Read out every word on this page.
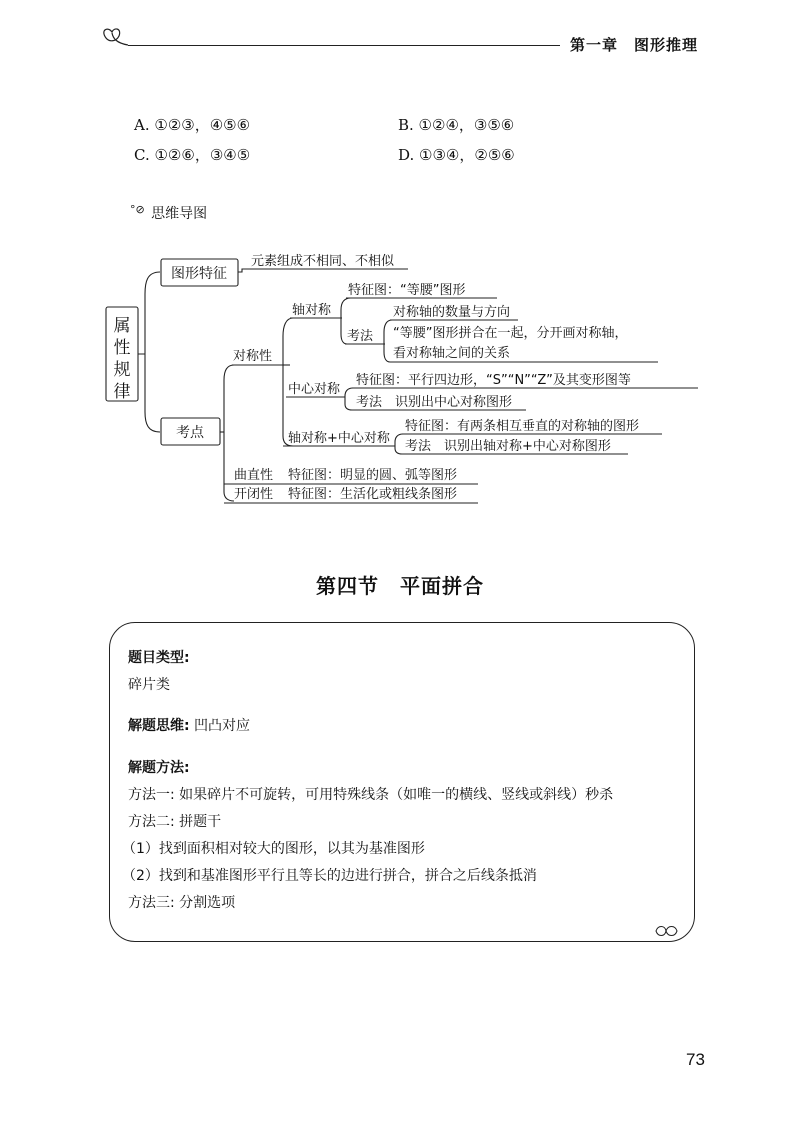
第一章　图形推理
A. ①②③，④⑤⑥	B. ①②④，③⑤⑥
C. ①②⑥，③④⑤	D. ①③④，②⑤⑥
°⊘ 思维导图
属
性
规
律
图形特征
元素组成不相同、不相似
考点
对称性
轴对称
特征图：“等腰”图形
考法
对称轴的数量与方向
“等腰”图形拼合在一起，分开画对称轴，
看对称轴之间的关系
中心对称
特征图：平行四边形，“S”“N”“Z”及其变形图等
考法　识别出中心对称图形
轴对称+中心对称
特征图：有两条相互垂直的对称轴的图形
考法　识别出轴对称+中心对称图形
曲直性 特征图：明显的圆、弧等图形
开闭性 特征图：生活化或粗线条图形
第四节　平面拼合
题目类型:
碎片类
解题思维: 凹凸对应
解题方法:
方法一: 如果碎片不可旋转，可用特殊线条（如唯一的横线、竖线或斜线）秒杀
方法二: 拼题干
（1）找到面积相对较大的图形，以其为基准图形
（2）找到和基准图形平行且等长的边进行拼合，拼合之后线条抵消
方法三: 分割选项
73
